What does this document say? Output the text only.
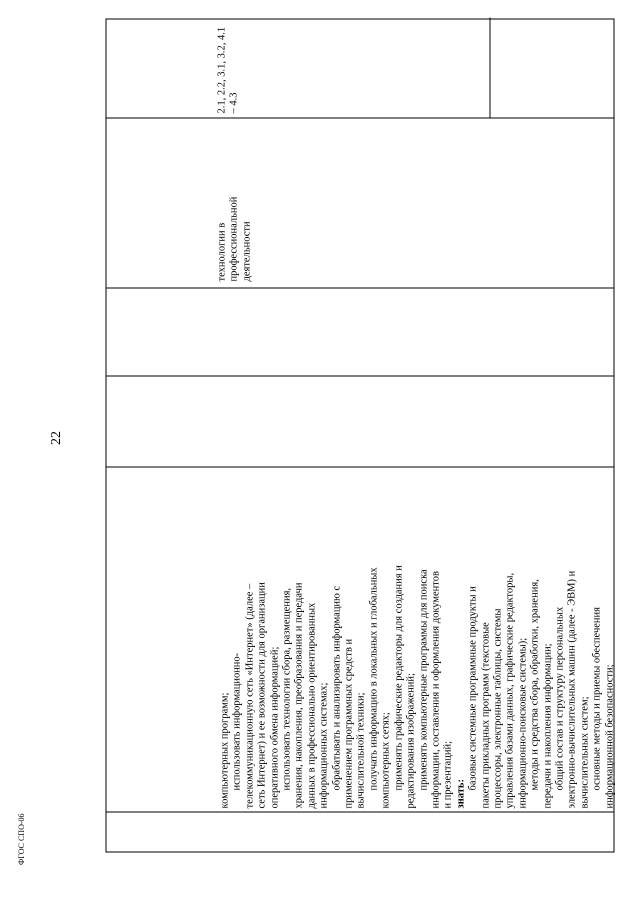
22
ФГОС СПО-06

компьютерных программ; использовать информационно- телекоммуникационную сеть «Интернет» (далее – сеть Интернет) и ее возможности для организации оперативного обмена информацией; использовать технологии сбора, размещения, хранения, накопления, преобразования и передачи данных в профессионально ориентированных информационных системах; обрабатывать и анализировать информацию с применением программных средств и вычислительной техники; получать информацию в локальных и глобальных компьютерных сетях; применять графические редакторы для создания и редактирования изображений; применять компьютерные программы для поиска информации, составления и оформления документов и презентаций; знать:

базовые системные программные продукты и пакеты прикладных программ (текстовые процессоры, электронные таблицы, системы управления базами данных, графические редакторы, информационно-поисковые системы); методы и средства сбора, обработки, хранения, передачи и накопления информации; общий состав и структуру персональных электронно-вычислительных машин (далее - ЭВМ) и вычислительных систем; основные методы и приемы обеспечения информационной безопасности;

технологии в профессиональной деятельности

2.1, 2.2, 3.1, 3.2, 4.1 – 4.3
